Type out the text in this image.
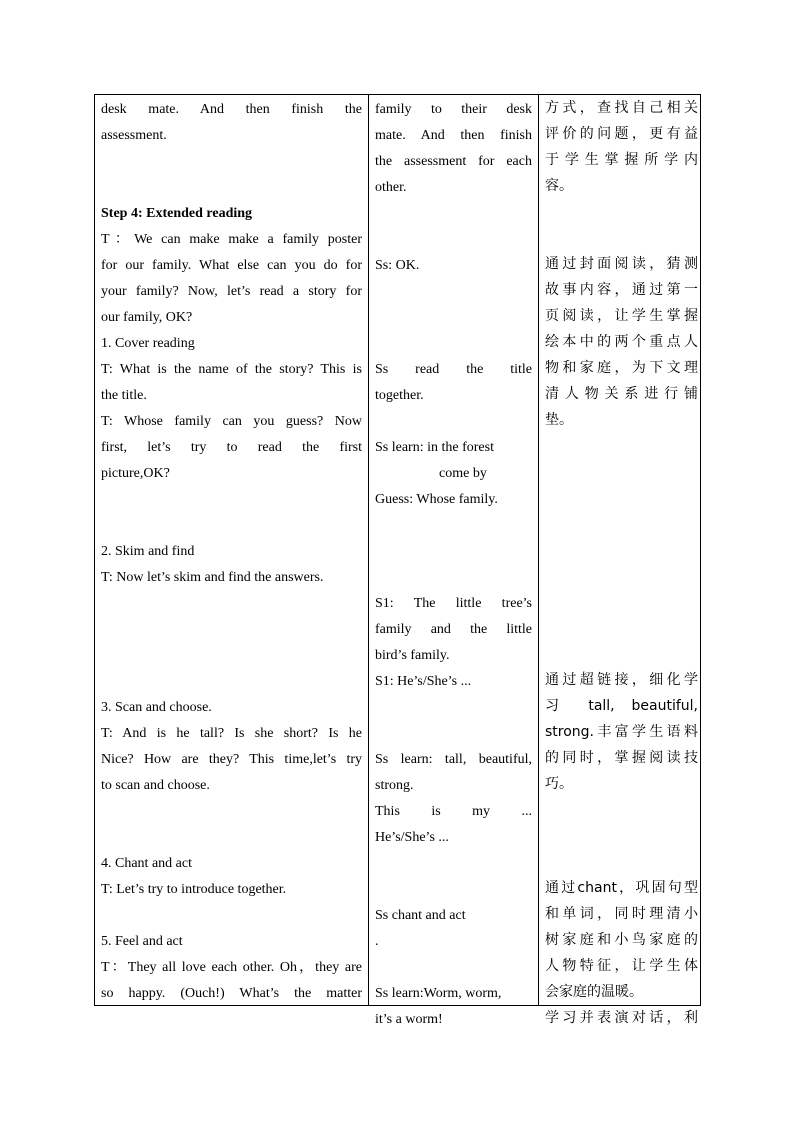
desk mate. And then finish the
assessment.
Step 4: Extended reading
T：We can make make a family poster
for our family. What else can you do for
your family? Now, let’s read a story for
our family, OK?
1. Cover reading
T: What is the name of the story? This is
the title.
T: Whose family can you guess? Now
first, let’s try to read the first
picture,OK?
2. Skim and find
T: Now let’s skim and find the answers.
3. Scan and choose.
T: And is he tall? Is she short? Is he
Nice? How are they? This time,let’s try
to scan and choose.
4. Chant and act
T: Let’s try to introduce together.
5. Feel and act
T：They all love each other. Oh，they are
so happy. (Ouch!) What’s the matter
family to their desk
mate. And then finish
the assessment for each
other.
Ss: OK.
Ss read the title
together.
Ss learn: in the forest
come by
Guess: Whose family.
S1: The little tree’s
family and the little
bird’s family.
S1: He’s/She’s ...
Ss learn: tall, beautiful,
strong.
This is my ...
He’s/She’s ...
Ss chant and act
.
Ss learn:Worm, worm,
it’s a worm!
方式，查找自己相关
评价的问题，更有益
于学生掌握所学内
容。
通过封面阅读，猜测
故事内容，通过第一
页阅读，让学生掌握
绘本中的两个重点人
物和家庭，为下文理
清人物关系进行铺
垫。
通过超链接，细化学
习 tall, beautiful,
strong.丰富学生语料
的同时，掌握阅读技
巧。
通过chant，巩固句型
和单词，同时理清小
树家庭和小鸟家庭的
人物特征，让学生体
会家庭的温暖。
学习并表演对话，利
